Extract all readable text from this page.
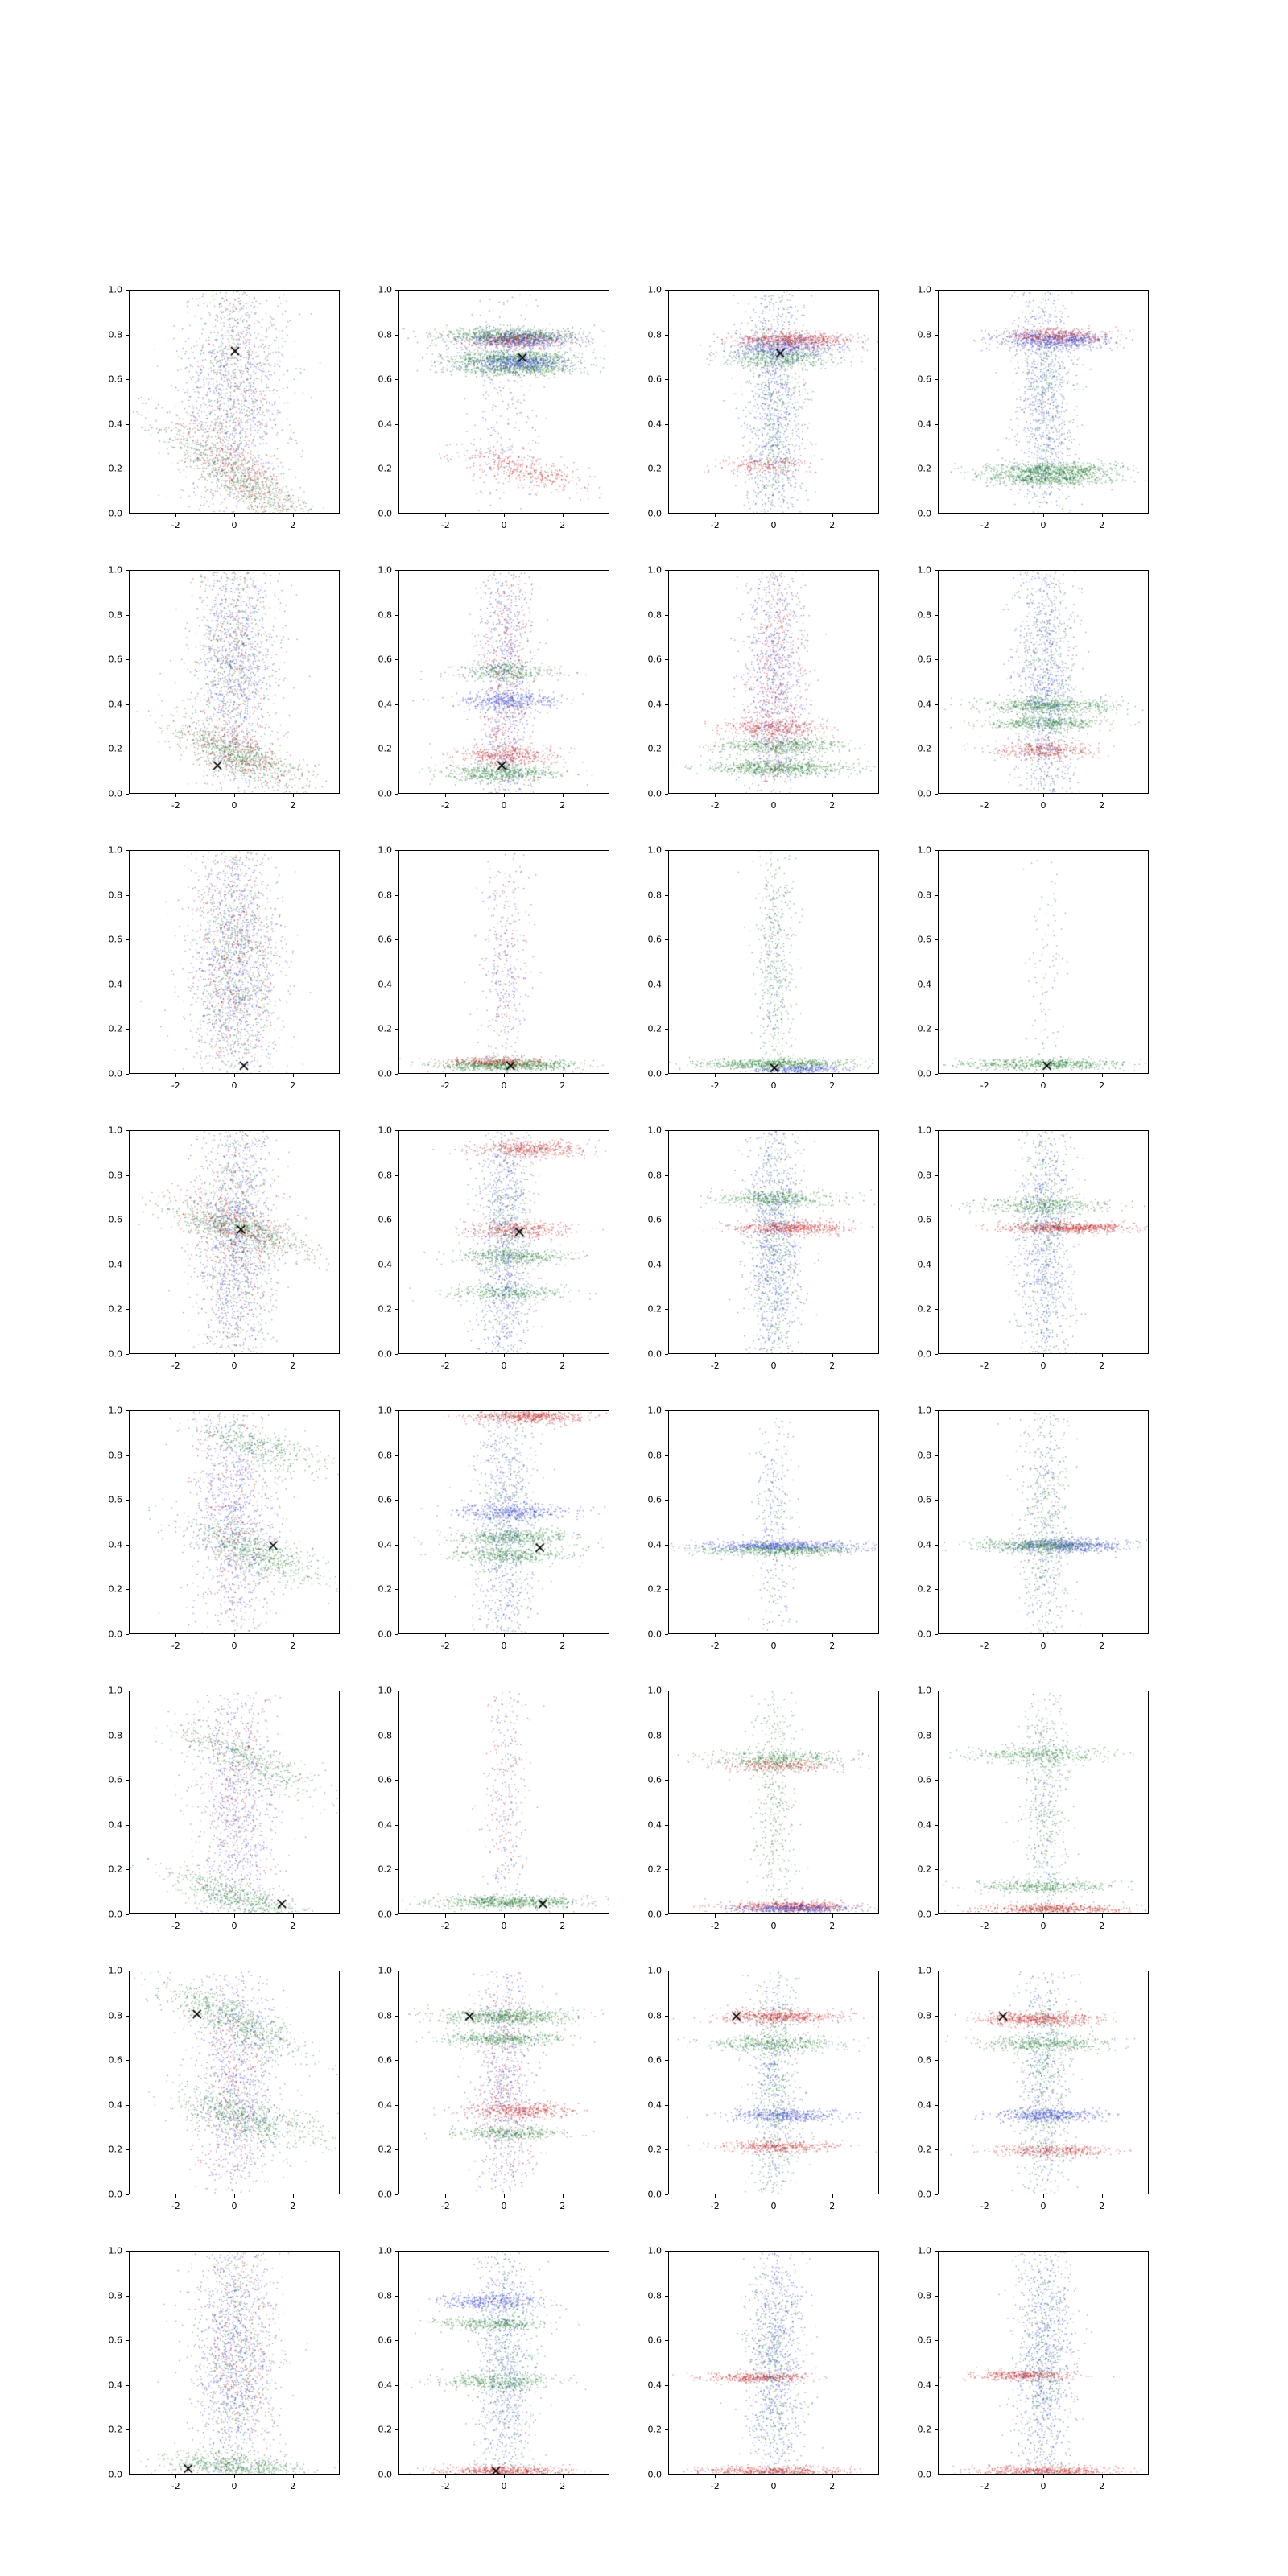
0.0
0.2
0.4
0.6
0.8
1.0
-2	0	2
0.0
0.2
0.4
0.6
0.8
1.0
-2	0	2
0.0
0.2
0.4
0.6
0.8
1.0
-2	0	2
0.0
0.2
0.4
0.6
0.8
1.0
-2	0	2
0.0
0.2
0.4
0.6
0.8
1.0
-2	0	2
0.0
0.2
0.4
0.6
0.8
1.0
-2	0	2
0.0
0.2
0.4
0.6
0.8
1.0
-2	0	2
0.0
0.2
0.4
0.6
0.8
1.0
-2	0	2
0.0
0.2
0.4
0.6
0.8
1.0
-2	0	2
0.0
0.2
0.4
0.6
0.8
1.0
-2	0	2
0.0
0.2
0.4
0.6
0.8
1.0
-2	0	2
0.0
0.2
0.4
0.6
0.8
1.0
-2	0	2
0.0
0.2
0.4
0.6
0.8
1.0
-2	0	2
0.0
0.2
0.4
0.6
0.8
1.0
-2	0	2
0.0
0.2
0.4
0.6
0.8
1.0
-2	0	2
0.0
0.2
0.4
0.6
0.8
1.0
-2	0	2
0.0
0.2
0.4
0.6
0.8
1.0
-2	0	2
0.0
0.2
0.4
0.6
0.8
1.0
-2	0	2
0.0
0.2
0.4
0.6
0.8
1.0
-2	0	2
0.0
0.2
0.4
0.6
0.8
1.0
-2	0	2
0.0
0.2
0.4
0.6
0.8
1.0
-2	0	2
0.0
0.2
0.4
0.6
0.8
1.0
-2	0	2
0.0
0.2
0.4
0.6
0.8
1.0
-2	0	2
0.0
0.2
0.4
0.6
0.8
1.0
-2	0	2
0.0
0.2
0.4
0.6
0.8
1.0
-2	0	2
0.0
0.2
0.4
0.6
0.8
1.0
-2	0	2
0.0
0.2
0.4
0.6
0.8
1.0
-2	0	2
0.0
0.2
0.4
0.6
0.8
1.0
-2	0	2
0.0
0.2
0.4
0.6
0.8
1.0
-2	0	2
0.0
0.2
0.4
0.6
0.8
1.0
-2	0	2
0.0
0.2
0.4
0.6
0.8
1.0
-2	0	2
0.0
0.2
0.4
0.6
0.8
1.0
-2	0	2
